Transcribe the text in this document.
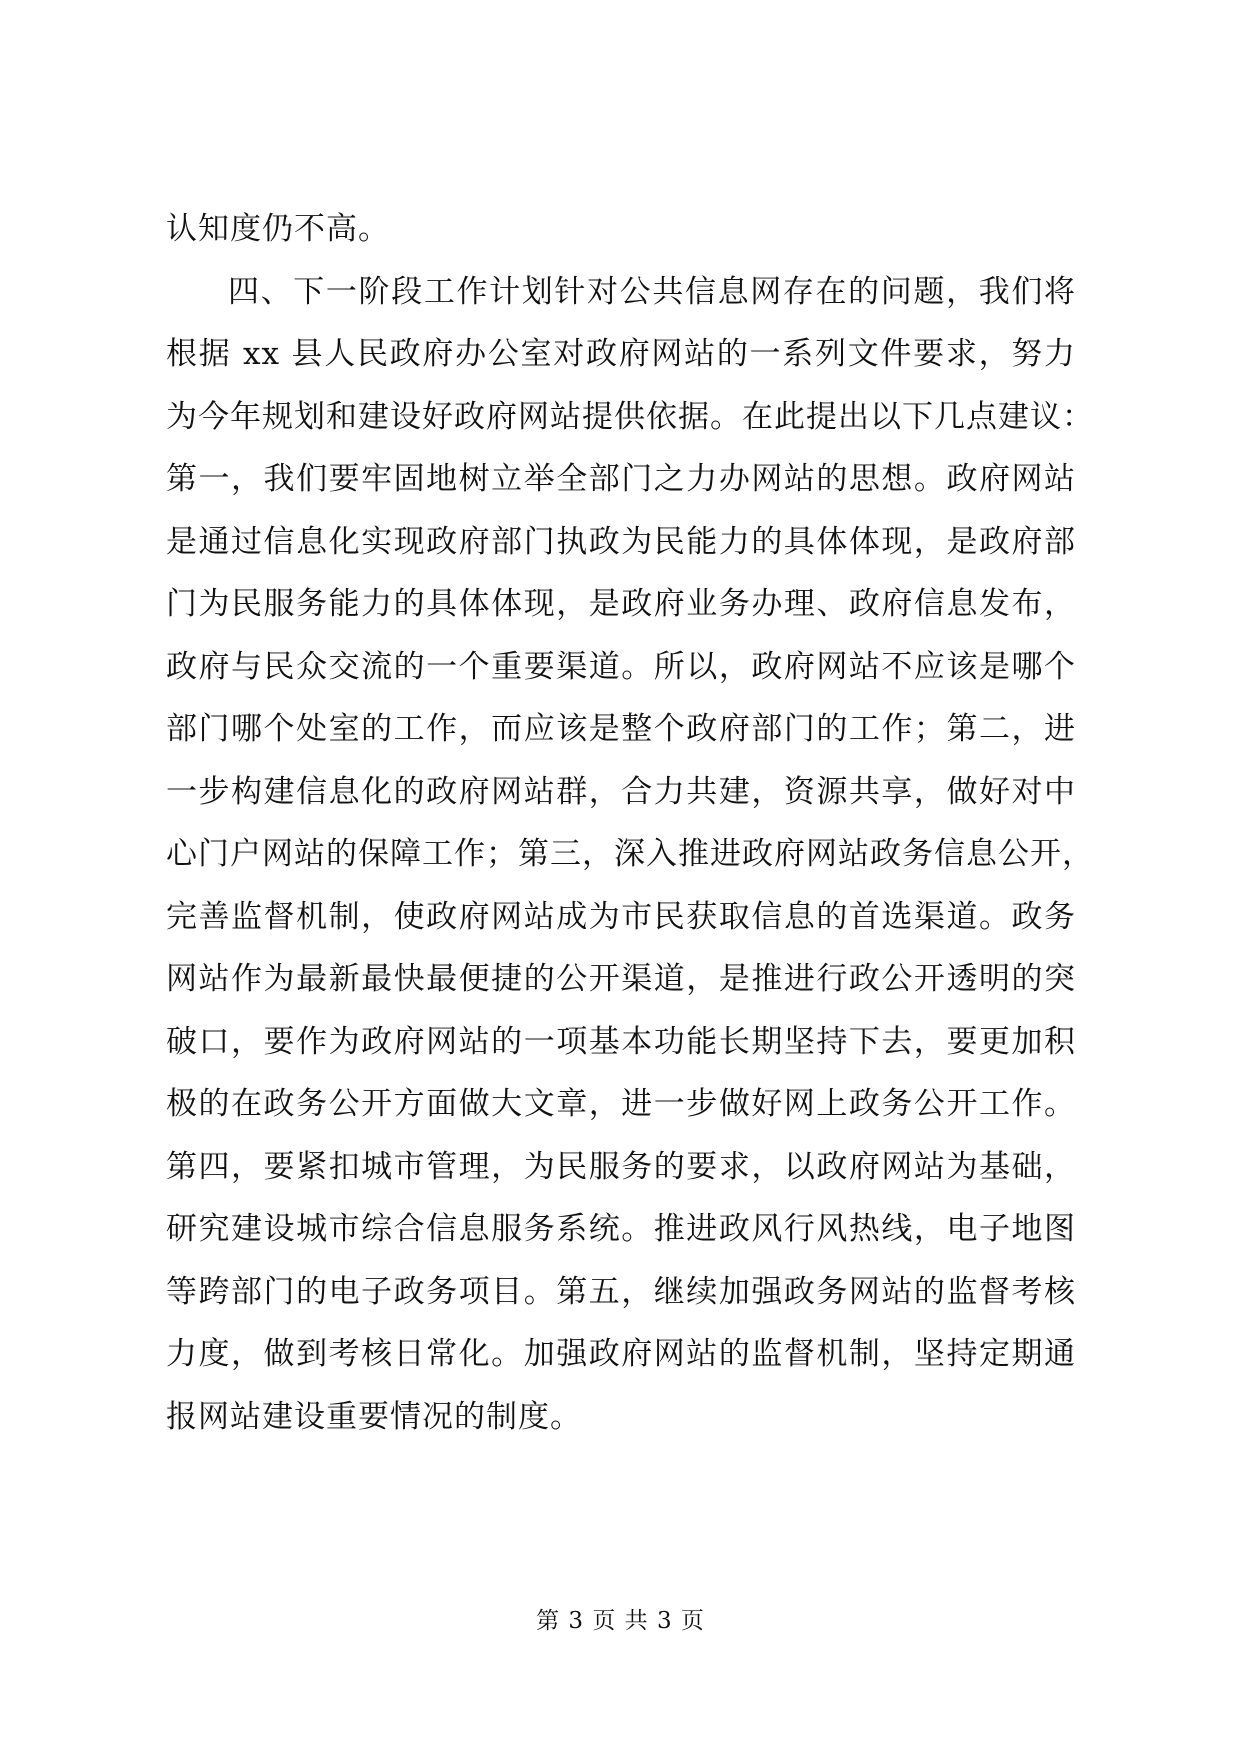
认知度仍不高。
四、下一阶段工作计划针对公共信息网存在的问题，我们将
根据 xx 县人民政府办公室对政府网站的一系列文件要求，努力
为今年规划和建设好政府网站提供依据。在此提出以下几点建议：
第一，我们要牢固地树立举全部门之力办网站的思想。政府网站
是通过信息化实现政府部门执政为民能力的具体体现，是政府部
门为民服务能力的具体体现，是政府业务办理、政府信息发布，
政府与民众交流的一个重要渠道。所以，政府网站不应该是哪个
部门哪个处室的工作，而应该是整个政府部门的工作；第二，进
一步构建信息化的政府网站群，合力共建，资源共享，做好对中
心门户网站的保障工作；第三，深入推进政府网站政务信息公开，
完善监督机制，使政府网站成为市民获取信息的首选渠道。政务
网站作为最新最快最便捷的公开渠道，是推进行政公开透明的突
破口，要作为政府网站的一项基本功能长期坚持下去，要更加积
极的在政务公开方面做大文章，进一步做好网上政务公开工作。
第四，要紧扣城市管理，为民服务的要求，以政府网站为基础，
研究建设城市综合信息服务系统。推进政风行风热线，电子地图
等跨部门的电子政务项目。第五，继续加强政务网站的监督考核
力度，做到考核日常化。加强政府网站的监督机制，坚持定期通
报网站建设重要情况的制度。
第 3 页 共 3 页
